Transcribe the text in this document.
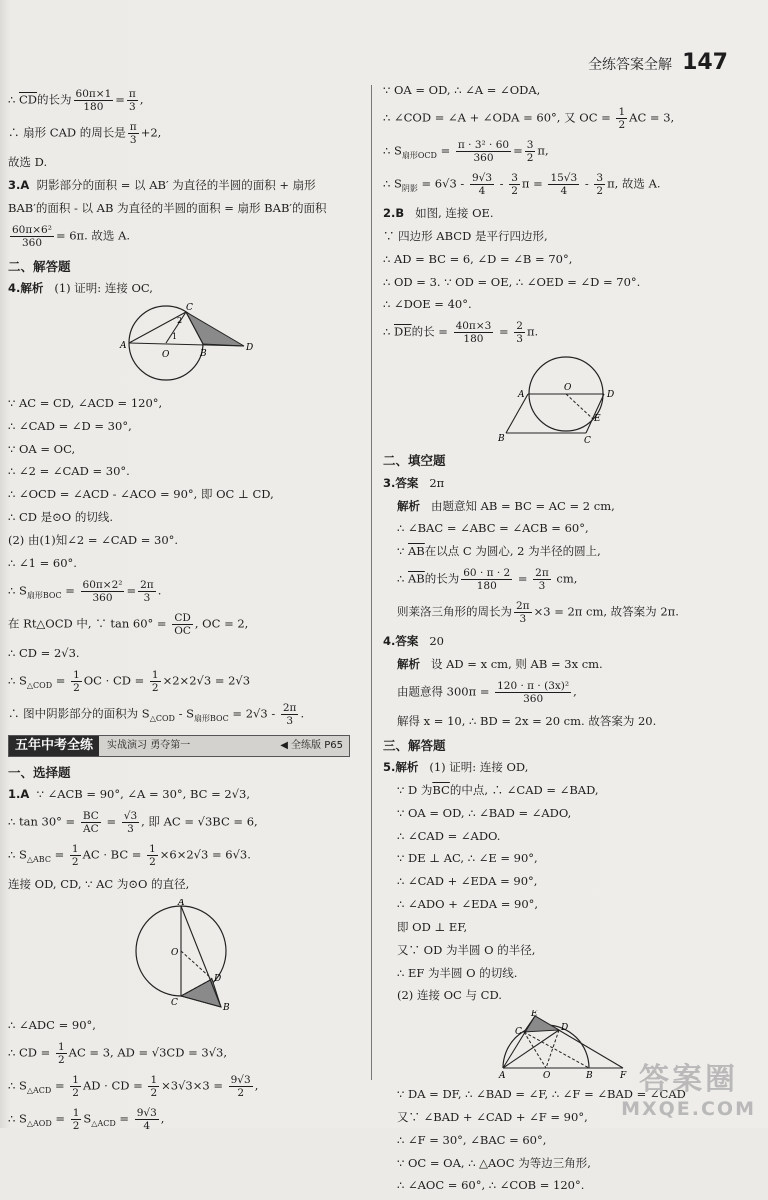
全练答案全解 147
∴ $\overline{CD}$的长为 $\frac{60\pi\times 1}{180} = \frac{\pi}{3}$ ,
∴ 扇形 CAD 的周长是 $\frac{\pi}{3} +2$,
故选 D.
3.A 阴影部分的面积 = 以 AB′ 为直径的半圆的面积 + 扇形
BAB′的面积 - 以 AB 为直径的半圆的面积 = 扇形 BAB′的面积
$\frac{\text{60π×6²}}{360} = 6\pi$. 故选 A.
二、解答题
4.解析 (1) 证明: 连接 OC,
A
O	B
C
D
1
2
∵ AC = CD, ∠ACD = 120°,
∴ ∠CAD = ∠D = 30°,
∵ OA = OC,
∴ ∠2 = ∠CAD = 30°.
∴ ∠OCD = ∠ACD - ∠ACO = 90°, 即 OC ⊥ CD,
∴ CD 是⊙O 的切线.
(2) 由(1)知∠2 = ∠CAD = 30°.
∴ ∠1 = 60°.
∴ $S_{扇形BOC} = \frac{\text{60π×2²}}{360} = \frac{2\pi}{3}$ .
在 Rt△OCD 中, ∵ $\tan 60^\circ = \frac{CD}{OC}$ , OC = 2,
∴ CD = 2√3.
∴ $S_{\triangle COD} = \frac{1}{2}$ OC · CD = $\frac{1}{2} \times 2\times 2√3 = 2√3$
∴ 图中阴影部分的面积为 $S_{\triangle COD} - S_{扇形BOC} = 2√3 - \frac{2\pi}{3}$ .
五年中考全练	实战演习 勇夺第一	◀ 全练版 P65
一、选择题
1.A ∵ ∠ACB = 90°, ∠A = 30°, BC = 2√3,
∴ $\tan 30^\circ = \frac{BC}{AC} = \frac{√3}{3}$ , 即 AC = √3BC = 6,
∴ $S_{\triangle ABC} = \frac{1}{2}$ AC · BC = $\frac{1}{2} \times 6\times 2√3 = 6√3$.
连接 OD, CD, ∵ AC 为⊙O 的直径,
A
O
D
C	B
∴ ∠ADC = 90°,
∴ CD = $\frac{1}{2}$ AC = 3, AD = √3CD = 3√3,
∴ $S_{\triangle ACD} = \frac{1}{2}$ AD · CD = $\frac{1}{2} \times 3√3\times 3 = \frac{9√3}{2}$ ,
∴ $S_{\triangle AOD} = \frac{1}{2} S_{\triangle ACD} = \frac{9√3}{4}$ ,
∵ OA = OD, ∴ ∠A = ∠ODA,
∴ ∠COD = ∠A + ∠ODA = 60°, 又 OC = $\frac{1}{2}$ AC = 3,
∴ $S_{扇形OCD} = \frac{\text{π · 3² · 60}}{360} = \frac{3}{2} \pi$,
∴ $S_{阴影} = 6√3 - \frac{9√3}{4} - \frac{3}{2}$ $\pi = \frac{15√3}{4} - \frac{3}{2} \pi$, 故选 A.
2.B 如图, 连接 OE.
∵ 四边形 ABCD 是平行四边形,
∴ AD = BC = 6, ∠D = ∠B = 70°,
∴ OD = 3. ∵ OD = OE, ∴ ∠OED = ∠D = 70°.
∴ ∠DOE = 40°.
∴ $\overline{DE}$的长 = $\frac{40\pi\times 3}{180} = \frac{2}{3} \pi$.
A
O
D
E
B	C
二、填空题
3.答案 2π
解析 由题意知 AB = BC = AC = 2 cm,
∴ ∠BAC = ∠ABC = ∠ACB = 60°,
∵ $\overline{AB}$在以点 C 为圆心, 2 为半径的圆上,
∴ $\overline{AB}$的长为 $\frac{60 \cdot \pi \cdot 2}{180} = \frac{2\pi}{3}$ cm,
则莱洛三角形的周长为 $\frac{2\pi}{3} \times 3 = 2\pi$ cm, 故答案为 2π.
4.答案 20
解析 设 AD = x cm, 则 AB = 3x cm.
由题意得 $300\pi = \frac{\text{120 · π · (3x)²}}{360}$ ,
解得 x = 10, ∴ BD = 2x = 20 cm. 故答案为 20.
三、解答题
5.解析 (1) 证明: 连接 OD,
∵ D 为$\overline{BC}$的中点, ∴ ∠CAD = ∠BAD,
∵ OA = OD, ∴ ∠BAD = ∠ADO,
∴ ∠CAD = ∠ADO.
∵ DE ⊥ AC, ∴ ∠E = 90°,
∴ ∠CAD + ∠EDA = 90°,
∴ ∠ADO + ∠EDA = 90°,
即 OD ⊥ EF,
又∵ OD 为半圆 O 的半径,
∴ EF 为半圆 O 的切线.
(2) 连接 OC 与 CD.
E
C	D
A	O	B	F
∵ DA = DF, ∴ ∠BAD = ∠F, ∴ ∠F = ∠BAD = ∠CAD
又∵ ∠BAD + ∠CAD + ∠F = 90°,
∴ ∠F = 30°, ∠BAC = 60°,
∵ OC = OA, ∴ △AOC 为等边三角形,
∴ ∠AOC = 60°, ∴ ∠COB = 120°.
答案圈
MXQE.COM
